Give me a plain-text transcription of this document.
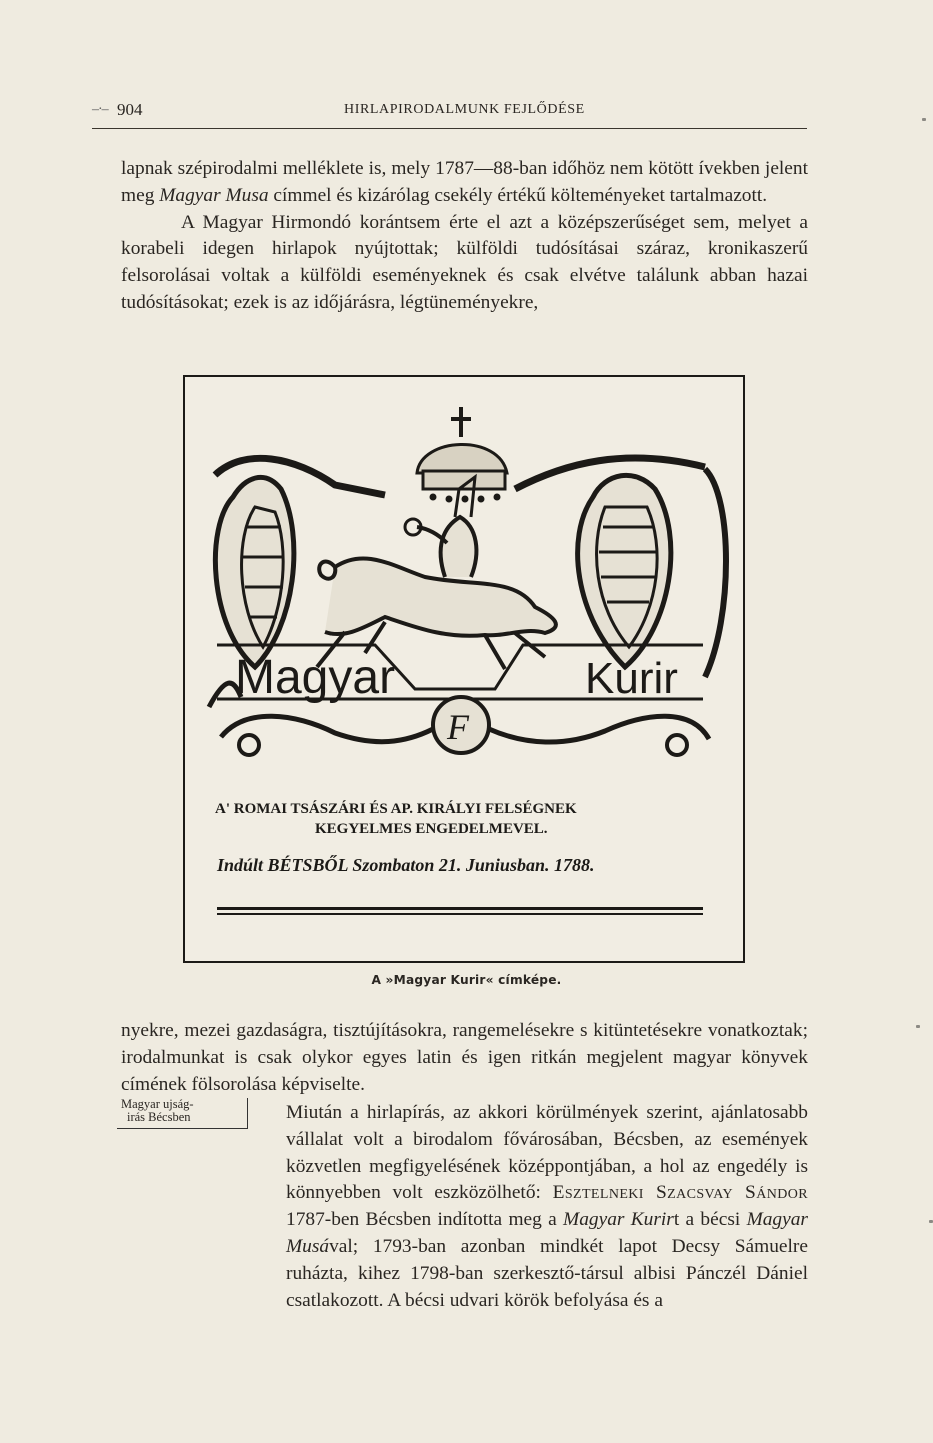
–·– 904	HIRLAPIRODALMUNK FEJLŐDÉSE

lapnak szépirodalmi melléklete is, mely 1787—88-ban időhöz nem kötött ívekben jelent meg Magyar Musa címmel és kizárólag csekély értékű költeményeket tartalmazott.

A Magyar Hirmondó korántsem érte el azt a középszerűséget sem, melyet a korabeli idegen hirlapok nyújtottak; külföldi tudósításai száraz, kronikaszerű felsorolásai voltak a külföldi eseményeknek és csak elvétve találunk abban hazai tudósításokat; ezek is az időjárásra, légtüneményekre,

Magyar	Kurir
F
A' ROMAI TSÁSZÁRI ÉS AP. KIRÁLYI FELSÉGNEK
KEGYELMES ENGEDELMEVEL.
Indúlt BÉTSBŐL Szombaton 21. Juniusban. 1788.
A »Magyar Kurir« címképe.

nyekre, mezei gazdaságra, tisztújításokra, rangemelésekre s kitüntetésekre vonatkoztak; irodalmunkat is csak olykor egyes latin és igen ritkán megjelent magyar könyvek címének fölsorolása képviselte.

Magyar ujság-
irás Bécsben	Miután a hirlapírás, az akkori körülmények szerint, ajánlatosabb vállalat volt a birodalom fővárosában, Bécsben, az események közvetlen megfigyelésének középpontjában, a hol az engedély is könnyebben volt eszközölhető: Esztelneki Szacsvay Sándor 1787-ben Bécsben indította meg a Magyar Kurirt a bécsi Magyar Musával; 1793-ban azonban mindkét lapot Decsy Sámuelre ruházta, kihez 1798-ban szerkesztő-társul albisi Pánczél Dániel csatlakozott. A bécsi udvari körök befolyása és a
